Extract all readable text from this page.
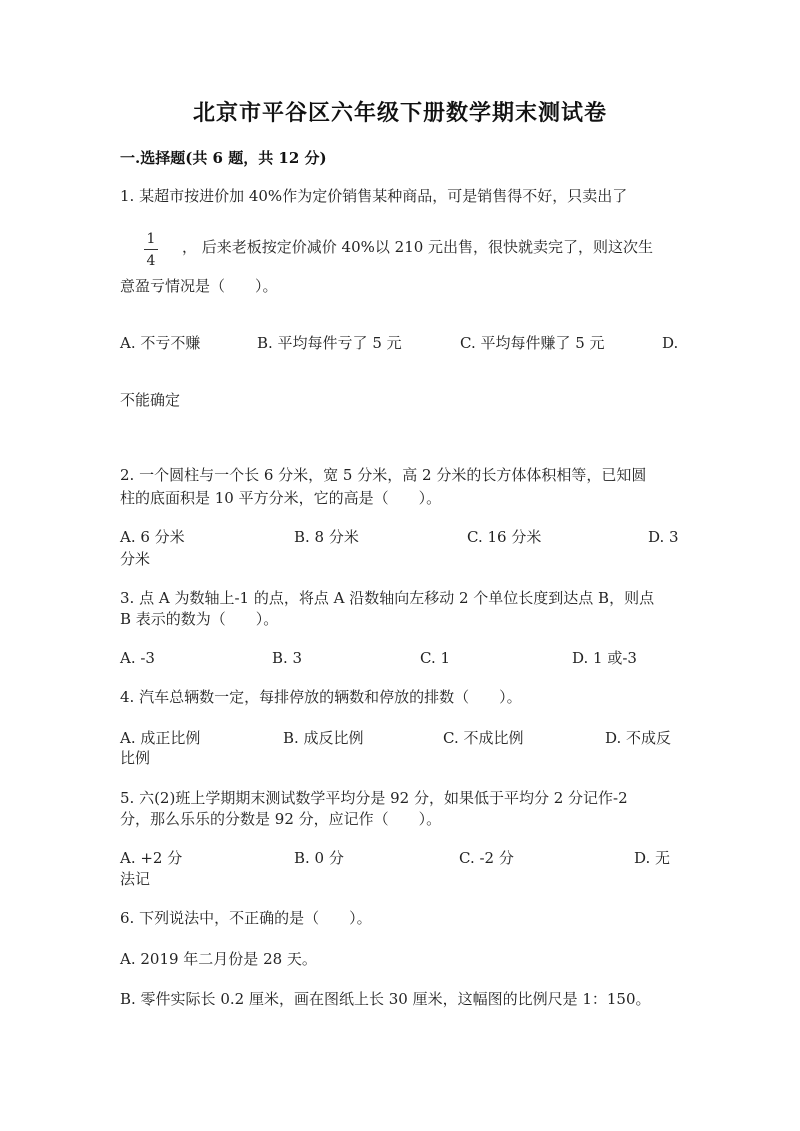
北京市平谷区六年级下册数学期末测试卷
一.选择题(共 6 题，共 12 分)
1. 某超市按进价加 40%作为定价销售某种商品，可是销售得不好，只卖出了
1
4
， 后来老板按定价减价 40%以 210 元出售，很快就卖完了，则这次生
意盈亏情况是（　　）。
A. 不亏不赚	B. 平均每件亏了 5 元	C. 平均每件赚了 5 元	D.
不能确定
2. 一个圆柱与一个长 6 分米，宽 5 分米，高 2 分米的长方体体积相等，已知圆
柱的底面积是 10 平方分米，它的高是（　　）。
A. 6 分米	B. 8 分米	C. 16 分米	D. 3
分米
3. 点 A 为数轴上-1 的点，将点 A 沿数轴向左移动 2 个单位长度到达点 B，则点
B 表示的数为（　　）。
A. -3	B. 3	C. 1	D. 1 或-3
4. 汽车总辆数一定，每排停放的辆数和停放的排数（　　）。
A. 成正比例	B. 成反比例	C. 不成比例	D. 不成反
比例
5. 六(2)班上学期期末测试数学平均分是 92 分，如果低于平均分 2 分记作-2
分，那么乐乐的分数是 92 分，应记作（　　）。
A. +2 分	B. 0 分	C. -2 分	D. 无
法记
6. 下列说法中，不正确的是（　　）。
A. 2019 年二月份是 28 天。
B. 零件实际长 0.2 厘米，画在图纸上长 30 厘米，这幅图的比例尺是 1：150。
